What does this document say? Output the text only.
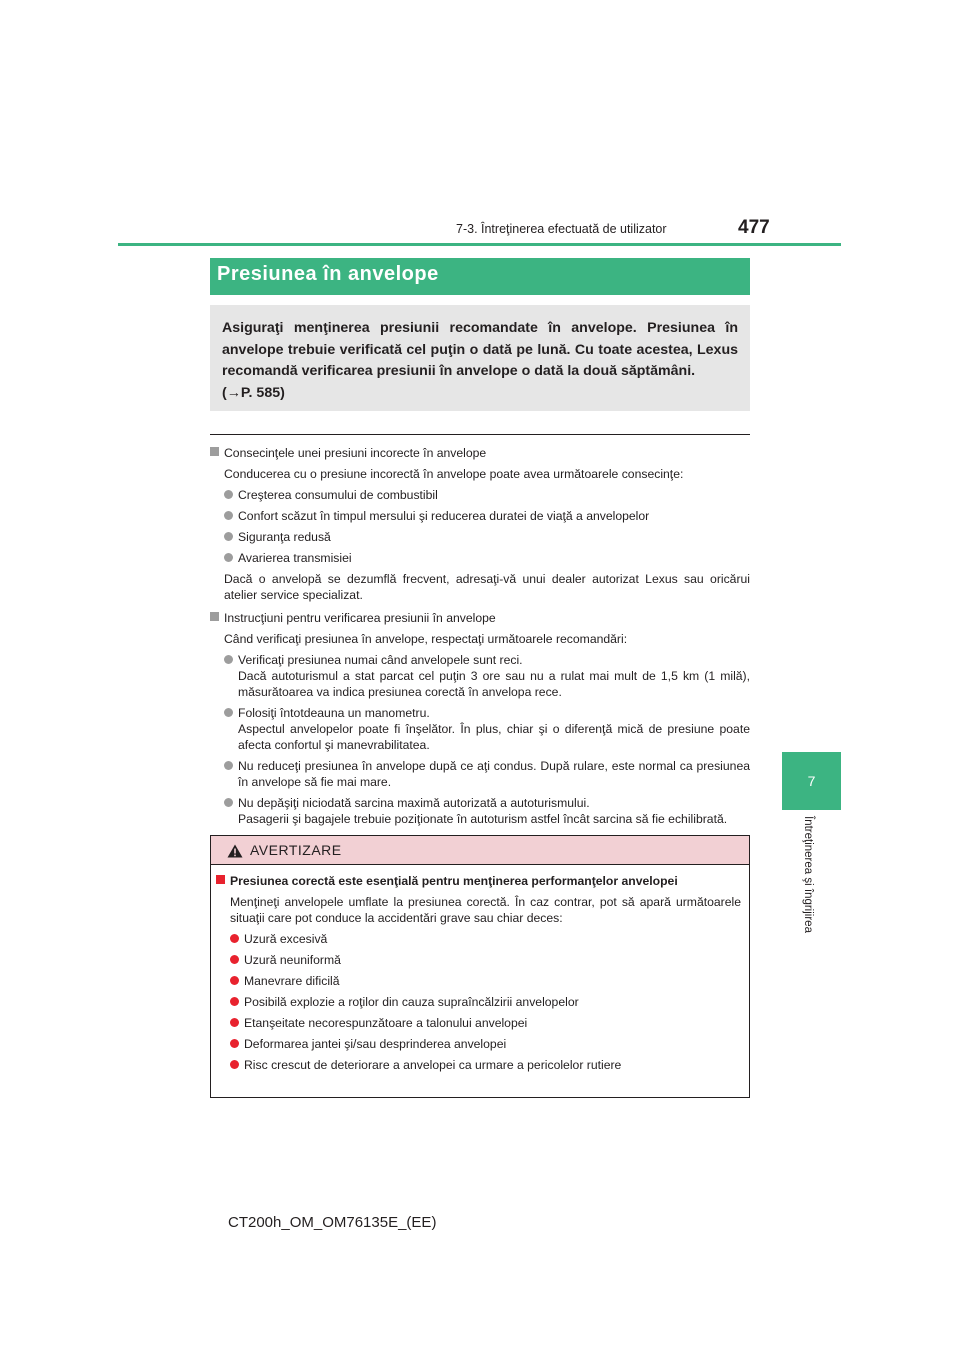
7-3. Întreţinerea efectuată de utilizator	477
7
Întreţinerea şi îngrijirea
Presiunea în anvelope
Asiguraţi menţinerea presiunii recomandate în anvelope. Presiunea în anvelope trebuie verificată cel puţin o dată pe lună. Cu toate acestea, Lexus recomandă verificarea presiunii în anvelope o dată la două săptămâni.
(→P. 585)
Consecinţele unei presiuni incorecte în anvelope
Conducerea cu o presiune incorectă în anvelope poate avea următoarele consecinţe:
Creşterea consumului de combustibil
Confort scăzut în timpul mersului şi reducerea duratei de viaţă a anvelopelor
Siguranţa redusă
Avarierea transmisiei
Dacă o anvelopă se dezumflă frecvent, adresaţi-vă unui dealer autorizat Lexus sau oricărui atelier service specializat.
Instrucţiuni pentru verificarea presiunii în anvelope
Când verificaţi presiunea în anvelope, respectaţi următoarele recomandări:
Verificaţi presiunea numai când anvelopele sunt reci.
Dacă autoturismul a stat parcat cel puţin 3 ore sau nu a rulat mai mult de 1,5 km (1 milă), măsurătoarea va indica presiunea corectă în anvelopa rece.
Folosiţi întotdeauna un manometru.
Aspectul anvelopelor poate fi înşelător. În plus, chiar şi o diferenţă mică de presiune poate afecta confortul şi manevrabilitatea.
Nu reduceţi presiunea în anvelope după ce aţi condus. După rulare, este normal ca presiunea în anvelope să fie mai mare.
Nu depăşiţi niciodată sarcina maximă autorizată a autoturismului.
Pasagerii şi bagajele trebuie poziţionate în autoturism astfel încât sarcina să fie echilibrată.
AVERTIZARE
Presiunea corectă este esenţială pentru menţinerea performanţelor anvelopei
Menţineţi anvelopele umflate la presiunea corectă. În caz contrar, pot să apară următoarele situaţii care pot conduce la accidentări grave sau chiar deces:
Uzură excesivă
Uzură neuniformă
Manevrare dificilă
Posibilă explozie a roţilor din cauza supraîncălzirii anvelopelor
Etanşeitate necorespunzătoare a talonului anvelopei
Deformarea jantei şi/sau desprinderea anvelopei
Risc crescut de deteriorare a anvelopei ca urmare a pericolelor rutiere
CT200h_OM_OM76135E_(EE)
